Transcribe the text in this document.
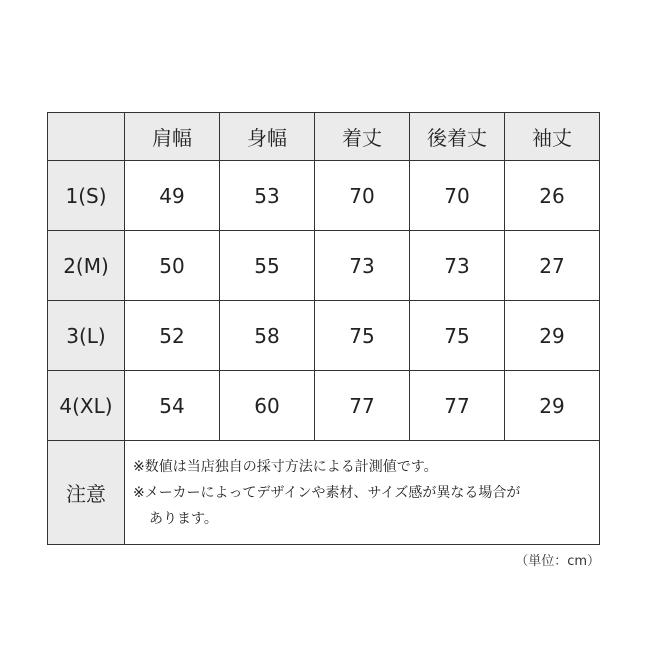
	肩幅	身幅	着丈	後着丈	袖丈
1(S)	49	53	70	70	26
2(M)	50	55	73	73	27
3(L)	52	58	75	75	29
4(XL)	54	60	77	77	29
注意	※数値は当店独自の採寸方法による計測値です。
※メーカーによってデザインや素材、サイズ感が異なる場合が
あります。				
（単位：cm）
